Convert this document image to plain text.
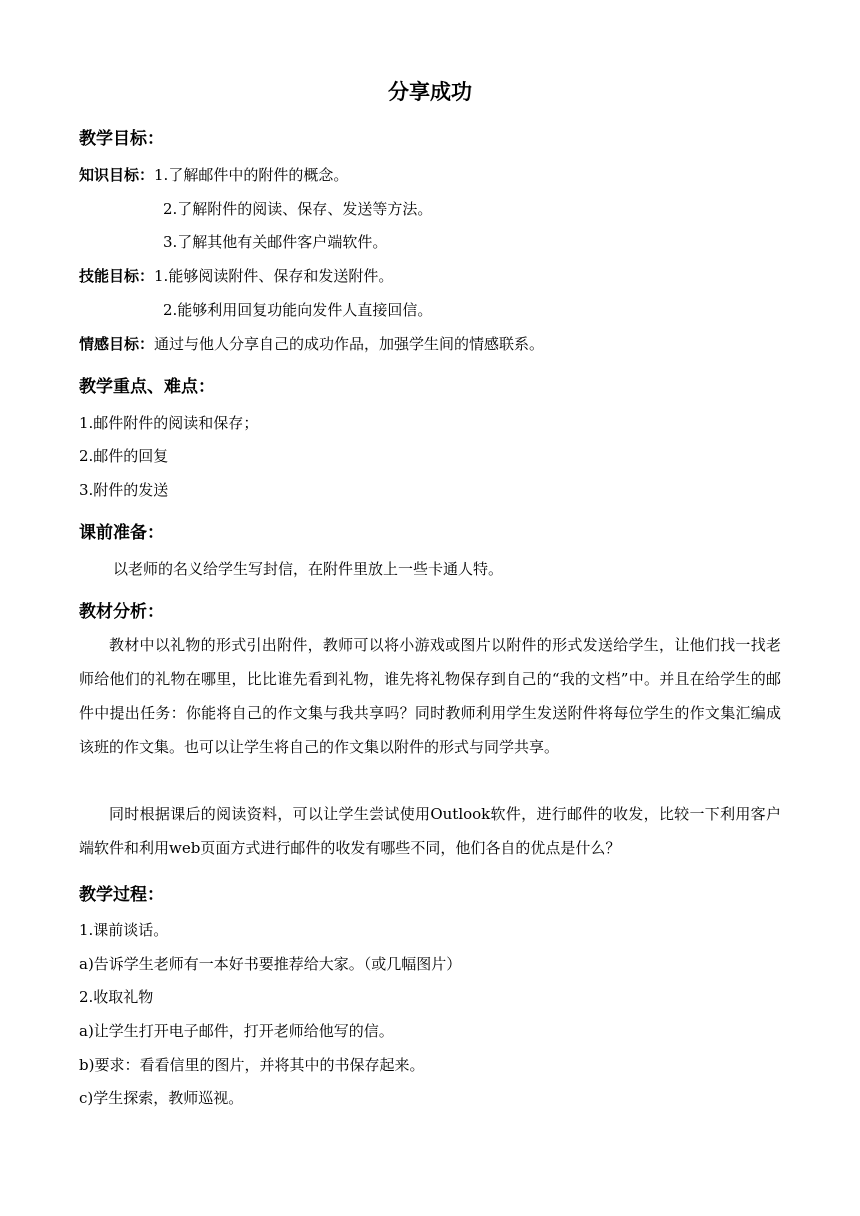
分享成功
教学目标：
知识目标：1.了解邮件中的附件的概念。
2.了解附件的阅读、保存、发送等方法。
3.了解其他有关邮件客户端软件。
技能目标：1.能够阅读附件、保存和发送附件。
2.能够利用回复功能向发件人直接回信。
情感目标：通过与他人分享自己的成功作品，加强学生间的情感联系。
教学重点、难点：
1.邮件附件的阅读和保存；
2.邮件的回复
3.附件的发送
课前准备：
以老师的名义给学生写封信，在附件里放上一些卡通人特。
教材分析：
教材中以礼物的形式引出附件，教师可以将小游戏或图片以附件的形式发送给学生，让他们找一找老师给他们的礼物在哪里，比比谁先看到礼物，谁先将礼物保存到自己的“我的文档”中。并且在给学生的邮件中提出任务：你能将自己的作文集与我共享吗？同时教师利用学生发送附件将每位学生的作文集汇编成该班的作文集。也可以让学生将自己的作文集以附件的形式与同学共享。
同时根据课后的阅读资料，可以让学生尝试使用Outlook软件，进行邮件的收发，比较一下利用客户端软件和利用web页面方式进行邮件的收发有哪些不同，他们各自的优点是什么？
教学过程：
1.课前谈话。
a)告诉学生老师有一本好书要推荐给大家。（或几幅图片）
2.收取礼物
a)让学生打开电子邮件，打开老师给他写的信。
b)要求：看看信里的图片，并将其中的书保存起来。
c)学生探索，教师巡视。
